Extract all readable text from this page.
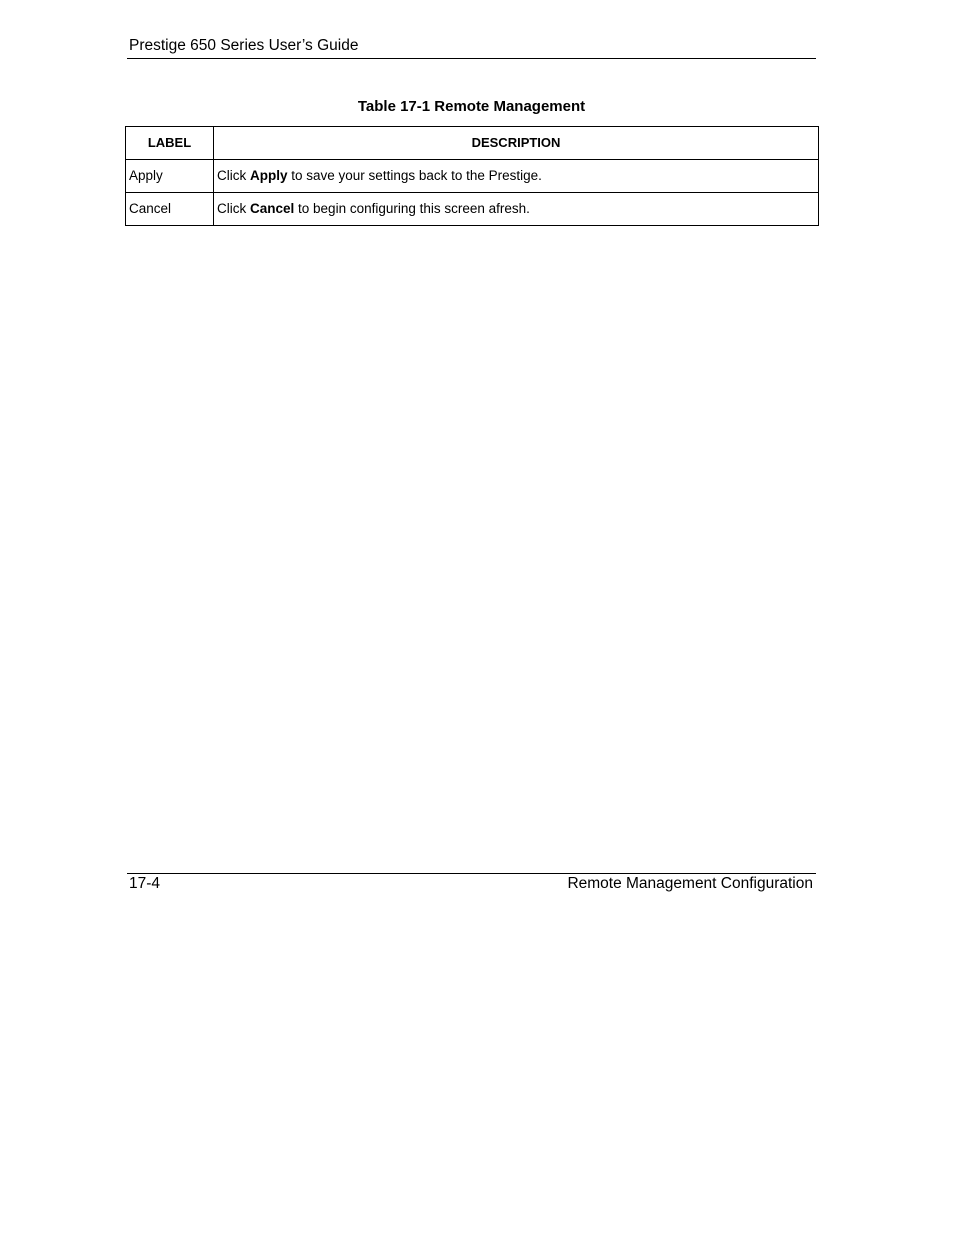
Prestige 650 Series User’s Guide
Table 17-1 Remote Management
LABEL	DESCRIPTION
Apply	Click Apply to save your settings back to the Prestige.
Cancel	Click Cancel to begin configuring this screen afresh.
17-4	Remote Management Configuration
